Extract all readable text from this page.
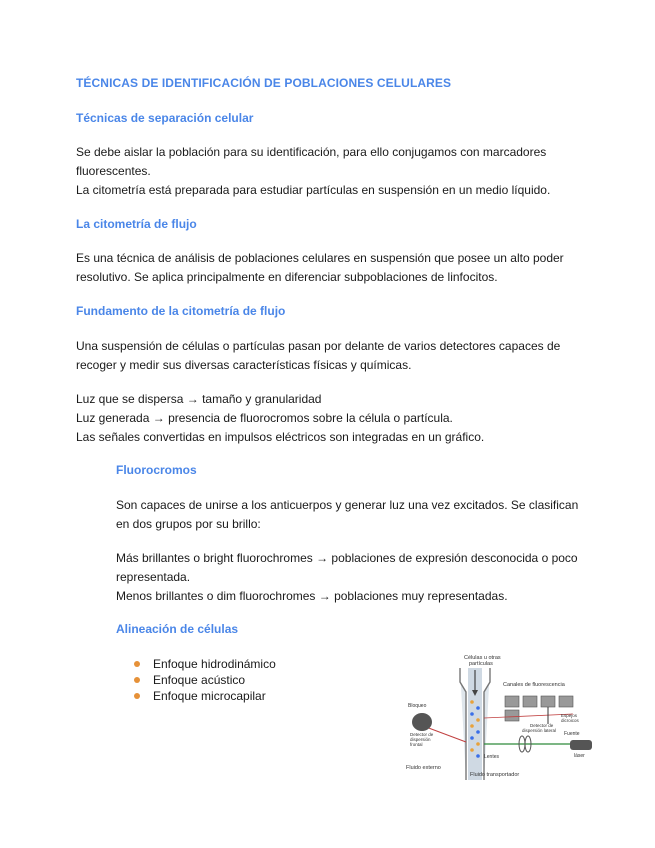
TÉCNICAS DE IDENTIFICACIÓN DE POBLACIONES CELULARES
Técnicas de separación celular
Se debe aislar la población para su identificación, para ello conjugamos con marcadores
fluorescentes.
La citometría está preparada para estudiar partículas en suspensión en un medio líquido.
La citometría de flujo
Es una técnica de análisis de poblaciones celulares en suspensión que posee un alto poder
resolutivo. Se aplica principalmente en diferenciar subpoblaciones de linfocitos.
Fundamento de la citometría de flujo
Una suspensión de células o partículas pasan por delante de varios detectores capaces de
recoger y medir sus diversas características físicas y químicas.
Luz que se dispersa → tamaño y granularidad
Luz generada → presencia de fluorocromos sobre la célula o partícula.
Las señales convertidas en impulsos eléctricos son integradas en un gráfico.
Fluorocromos
Son capaces de unirse a los anticuerpos y generar luz una vez excitados. Se clasifican
en dos grupos por su brillo:
Más brillantes o bright fluorochromes → poblaciones de expresión desconocida o poco
representada.
Menos brillantes o dim fluorochromes → poblaciones muy representadas.
Alineación de células
Enfoque hidrodinámico
Enfoque acústico
Enfoque microcapilar
Células u otras
partículas
Lentes
Fuente
láser
Bloqueo
Detector de
dispersión
frontal
Canales de fluorescencia
Espejos
dicroicos
Detector de
dispersión lateral
Fluido externo
Fluido transportador
